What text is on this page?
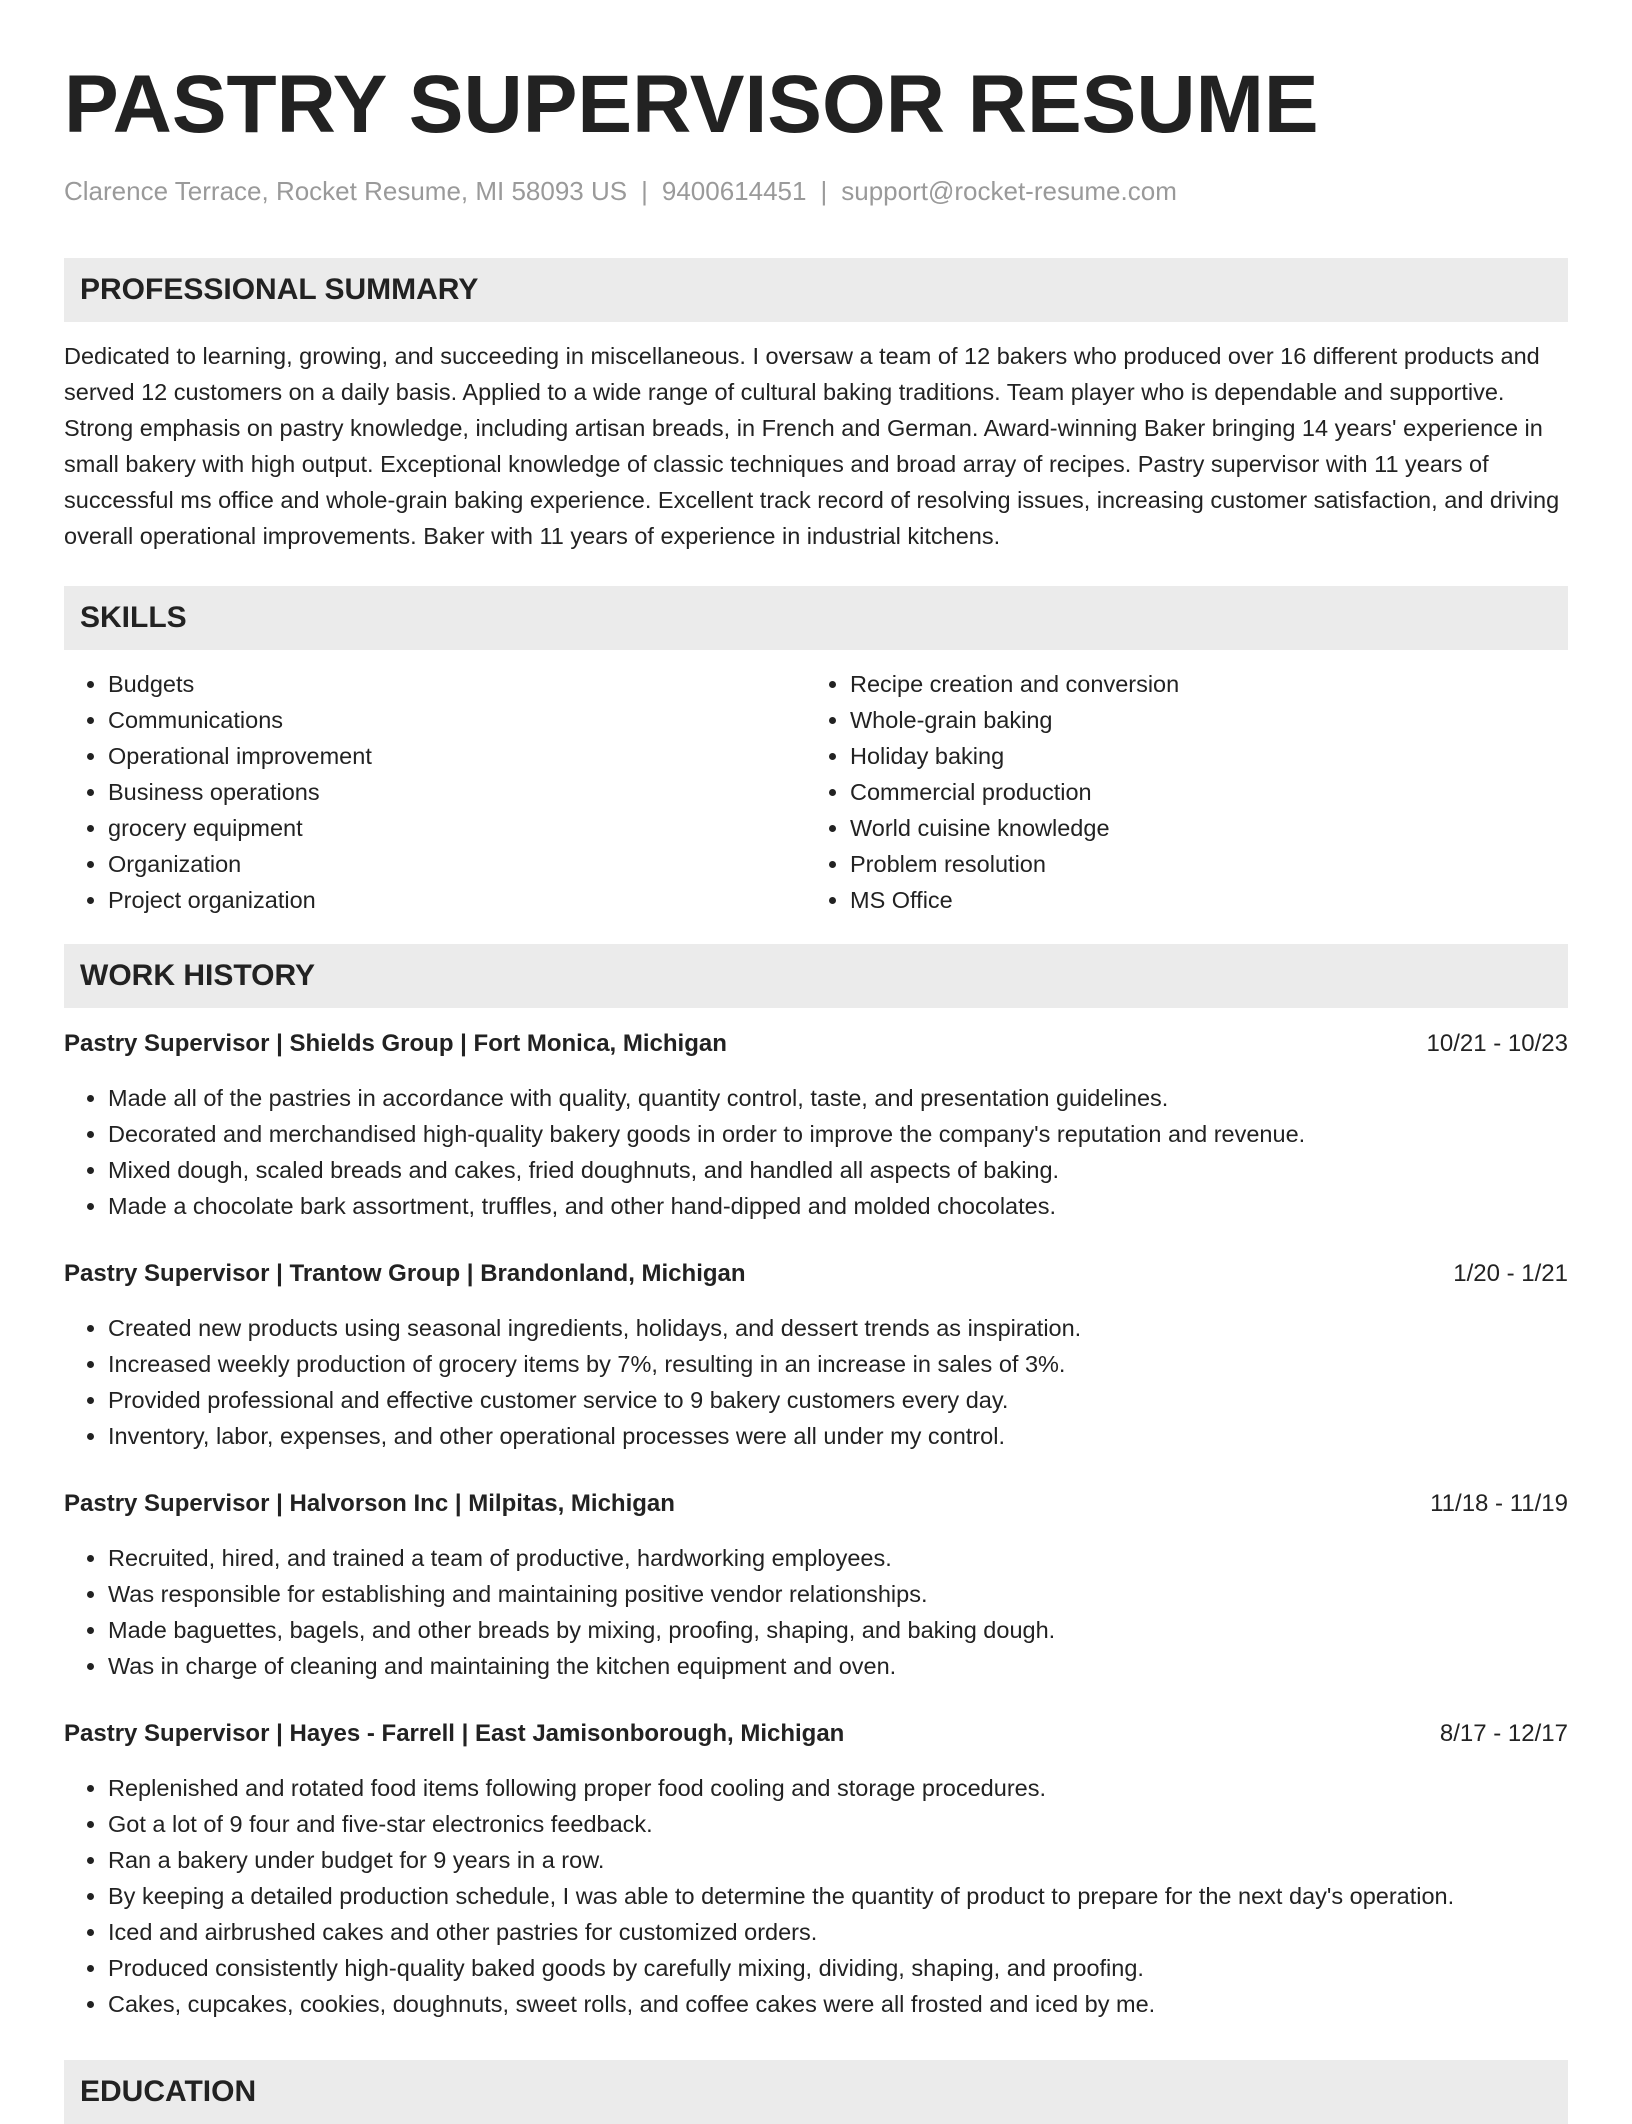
PASTRY SUPERVISOR RESUME
Clarence Terrace, Rocket Resume, MI 58093 US | 9400614451 | support@rocket-resume.com
PROFESSIONAL SUMMARY

Dedicated to learning, growing, and succeeding in miscellaneous. I oversaw a team of 12 bakers who produced over 16 different products and served 12 customers on a daily basis. Applied to a wide range of cultural baking traditions. Team player who is dependable and supportive. Strong emphasis on pastry knowledge, including artisan breads, in French and German. Award-winning Baker bringing 14 years' experience in small bakery with high output. Exceptional knowledge of classic techniques and broad array of recipes. Pastry supervisor with 11 years of successful ms office and whole-grain baking experience. Excellent track record of resolving issues, increasing customer satisfaction, and driving overall operational improvements. Baker with 11 years of experience in industrial kitchens.

SKILLS
• Budgets
• Communications
• Operational improvement
• Business operations
• grocery equipment
• Organization
• Project organization
• Recipe creation and conversion
• Whole-grain baking
• Holiday baking
• Commercial production
• World cuisine knowledge
• Problem resolution
• MS Office
WORK HISTORY
Pastry Supervisor | Shields Group | Fort Monica, Michigan	10/21 - 10/23
• Made all of the pastries in accordance with quality, quantity control, taste, and presentation guidelines.
• Decorated and merchandised high-quality bakery goods in order to improve the company's reputation and revenue.
• Mixed dough, scaled breads and cakes, fried doughnuts, and handled all aspects of baking.
• Made a chocolate bark assortment, truffles, and other hand-dipped and molded chocolates.
Pastry Supervisor | Trantow Group | Brandonland, Michigan	1/20 - 1/21
• Created new products using seasonal ingredients, holidays, and dessert trends as inspiration.
• Increased weekly production of grocery items by 7%, resulting in an increase in sales of 3%.
• Provided professional and effective customer service to 9 bakery customers every day.
• Inventory, labor, expenses, and other operational processes were all under my control.
Pastry Supervisor | Halvorson Inc | Milpitas, Michigan	11/18 - 11/19
• Recruited, hired, and trained a team of productive, hardworking employees.
• Was responsible for establishing and maintaining positive vendor relationships.
• Made baguettes, bagels, and other breads by mixing, proofing, shaping, and baking dough.
• Was in charge of cleaning and maintaining the kitchen equipment and oven.
Pastry Supervisor | Hayes - Farrell | East Jamisonborough, Michigan	8/17 - 12/17
• Replenished and rotated food items following proper food cooling and storage procedures.
• Got a lot of 9 four and five-star electronics feedback.
• Ran a bakery under budget for 9 years in a row.
• By keeping a detailed production schedule, I was able to determine the quantity of product to prepare for the next day's operation.
• Iced and airbrushed cakes and other pastries for customized orders.
• Produced consistently high-quality baked goods by carefully mixing, dividing, shaping, and proofing.
• Cakes, cupcakes, cookies, doughnuts, sweet rolls, and coffee cakes were all frosted and iced by me.
EDUCATION
